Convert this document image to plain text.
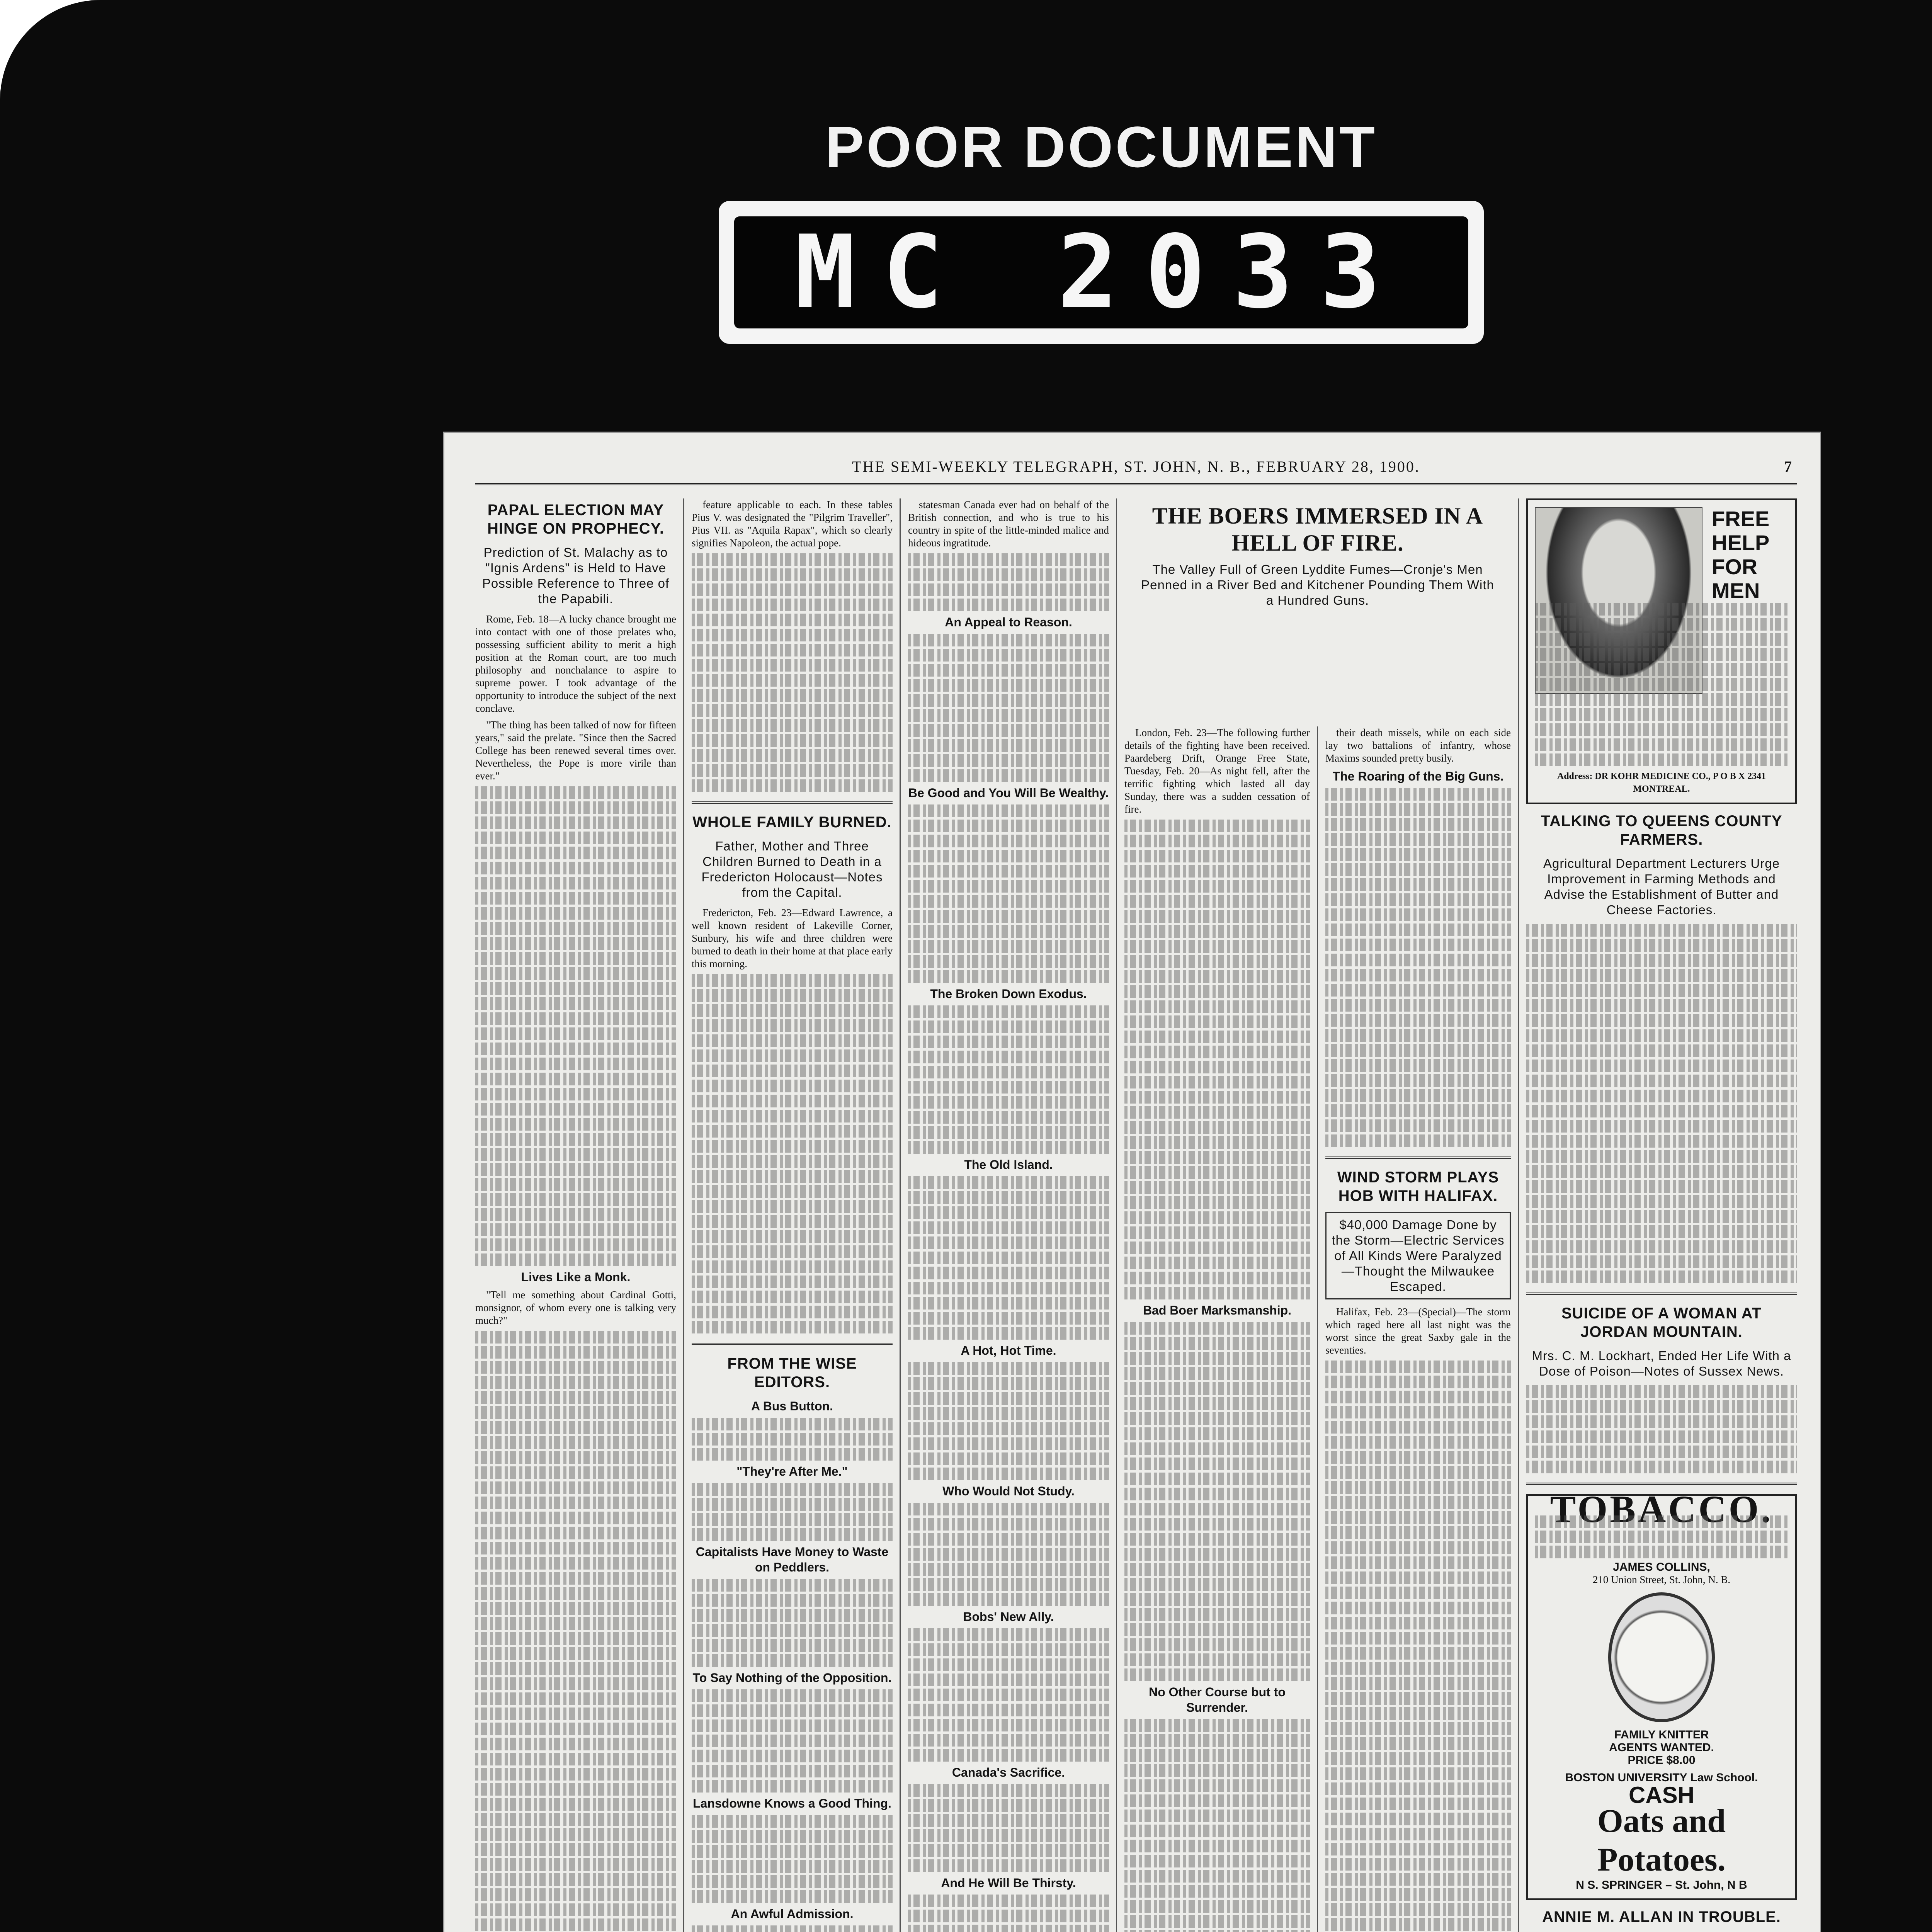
POOR DOCUMENT
MC 2033
THE SEMI-WEEKLY TELEGRAPH, ST. JOHN, N. B., FEBRUARY 28, 1900.	7
PAPAL ELECTION MAY HINGE ON PROPHECY.
Prediction of St. Malachy as to "Ignis Ardens" is Held to Have Possible Reference to Three of the Papabili.

Rome, Feb. 18—A lucky chance brought me into contact with one of those prelates who, possessing sufficient ability to merit a high position at the Roman court, are too much philosophy and nonchalance to aspire to supreme power. I took advantage of the opportunity to introduce the subject of the next conclave.

"The thing has been talked of now for fifteen years," said the prelate. "Since then the Sacred College has been renewed several times over. Nevertheless, the Pope is more virile than ever."

Lives Like a Monk.

"Tell me something about Cardinal Gotti, monsignor, of whom every one is talking very much?"

feature applicable to each. In these tables Pius V. was designated the "Pilgrim Traveller", Pius VII. as "Aquila Rapax", which so clearly signifies Napoleon, the actual pope.

WHOLE FAMILY BURNED.
Father, Mother and Three Children Burned to Death in a Fredericton Holocaust—Notes from the Capital.

Fredericton, Feb. 23—Edward Lawrence, a well known resident of Lakeville Corner, Sunbury, his wife and three children were burned to death in their home at that place early this morning.

FROM THE WISE EDITORS.
A Bus Button.
"They're After Me."
Capitalists Have Money to Waste on Peddlers.
To Say Nothing of the Opposition.
Lansdowne Knows a Good Thing.
An Awful Admission.

statesman Canada ever had on behalf of the British connection, and who is true to his country in spite of the little-minded malice and hideous ingratitude.

An Appeal to Reason.
Be Good and You Will Be Wealthy.
The Broken Down Exodus.
The Old Island.
A Hot, Hot Time.
Who Would Not Study.
Bobs' New Ally.
Canada's Sacrifice.
And He Will Be Thirsty.
THE BOERS IMMERSED IN A HELL OF FIRE.
The Valley Full of Green Lyddite Fumes—Cronje's Men Penned in a River Bed and Kitchener Pounding Them With a Hundred Guns.

London, Feb. 23—The following further details of the fighting have been received. Paardeberg Drift, Orange Free State, Tuesday, Feb. 20—As night fell, after the terrific fighting which lasted all day Sunday, there was a sudden cessation of fire.

Bad Boer Marksmanship.
No Other Course but to Surrender.

their death missels, while on each side lay two battalions of infantry, whose Maxims sounded pretty busily.

The Roaring of the Big Guns.
WIND STORM PLAYS HOB WITH HALIFAX.
$40,000 Damage Done by the Storm—Electric Services of All Kinds Were Paralyzed—Thought the Milwaukee Escaped.

Halifax, Feb. 23—(Special)—The storm which raged here all last night was the worst since the great Saxby gale in the seventies.

FREE HELP FOR MEN
Address: DR KOHR MEDICINE CO., P O B X 2341 MONTREAL.
TALKING TO QUEENS COUNTY FARMERS.
Agricultural Department Lecturers Urge Improvement in Farming Methods and Advise the Establishment of Butter and Cheese Factories.
SUICIDE OF A WOMAN AT JORDAN MOUNTAIN.
Mrs. C. M. Lockhart, Ended Her Life With a Dose of Poison—Notes of Sussex News.
TOBACCO.
JAMES COLLINS,
210 Union Street, St. John, N. B.
FAMILY KNITTER
AGENTS WANTED.
PRICE $8.00
BOSTON UNIVERSITY Law School.
CASH
Oats and Potatoes.
N S. SPRINGER – St. John, N B
ANNIE M. ALLAN IN TROUBLE.
